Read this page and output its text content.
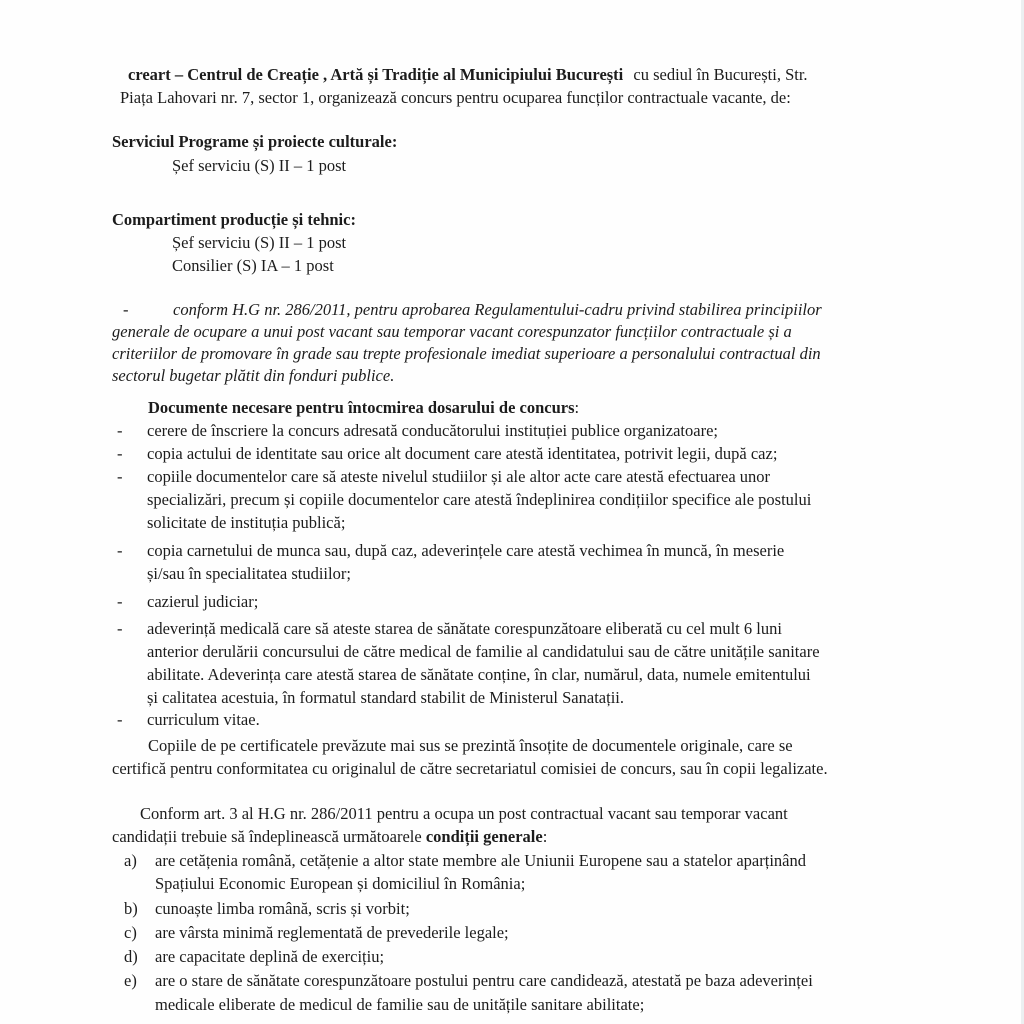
creart – Centrul de Creație , Artă și Tradiție al Municipiului București cu sediul în București, Str.
Piața Lahovari nr. 7, sector 1, organizează concurs pentru ocuparea funcților contractuale vacante, de:
Serviciul Programe și proiecte culturale:
Șef serviciu (S) II – 1 post
Compartiment producție și tehnic:
Șef serviciu (S) II – 1 post
Consilier (S) IA – 1 post
-	conform H.G nr. 286/2011, pentru aprobarea Regulamentului-cadru privind stabilirea principiilor
generale de ocupare a unui post vacant sau temporar vacant corespunzator funcțiilor contractuale și a
criteriilor de promovare în grade sau trepte profesionale imediat superioare a personalului contractual din
sectorul bugetar plătit din fonduri publice.
Documente necesare pentru întocmirea dosarului de concurs:
- cerere de înscriere la concurs adresată conducătorului instituției publice organizatoare;
- copia actului de identitate sau orice alt document care atestă identitatea, potrivit legii, după caz;
- copiile documentelor care să ateste nivelul studiilor și ale altor acte care atestă efectuarea unor
specializări, precum și copiile documentelor care atestă îndeplinirea condițiilor specifice ale postului
solicitate de instituția publică;
- copia carnetului de munca sau, după caz, adeverințele care atestă vechimea în muncă, în meserie
și/sau în specialitatea studiilor;
- cazierul judiciar;
- adeverință medicală care să ateste starea de sănătate corespunzătoare eliberată cu cel mult 6 luni
anterior derulării concursului de către medical de familie al candidatului sau de către unitățile sanitare
abilitate. Adeverința care atestă starea de sănătate conține, în clar, numărul, data, numele emitentului
și calitatea acestuia, în formatul standard stabilit de Ministerul Sanatații.
- curriculum vitae.
Copiile de pe certificatele prevăzute mai sus se prezintă însoțite de documentele originale, care se
certifică pentru conformitatea cu originalul de către secretariatul comisiei de concurs, sau în copii legalizate.
Conform art. 3 al H.G nr. 286/2011 pentru a ocupa un post contractual vacant sau temporar vacant
candidații trebuie să îndeplinească următoarele condiții generale:
a) are cetățenia română, cetățenie a altor state membre ale Uniunii Europene sau a statelor aparținând
Spațiului Economic European și domiciliul în România;
b) cunoaște limba română, scris și vorbit;
c) are vârsta minimă reglementată de prevederile legale;
d) are capacitate deplină de exercițiu;
e) are o stare de sănătate corespunzătoare postului pentru care candidează, atestată pe baza adeverinței
medicale eliberate de medicul de familie sau de unitățile sanitare abilitate;
